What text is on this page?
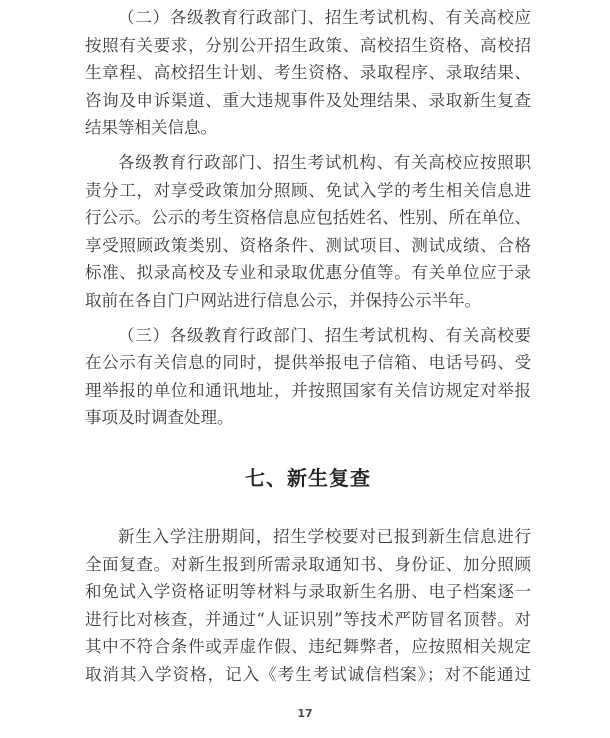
（二）各级教育行政部门、招生考试机构、有关高校应
按照有关要求，分别公开招生政策、高校招生资格、高校招
生章程、高校招生计划、考生资格、录取程序、录取结果、
咨询及申诉渠道、重大违规事件及处理结果、录取新生复查
结果等相关信息。
各级教育行政部门、招生考试机构、有关高校应按照职
责分工，对享受政策加分照顾、免试入学的考生相关信息进
行公示。公示的考生资格信息应包括姓名、性别、所在单位、
享受照顾政策类别、资格条件、测试项目、测试成绩、合格
标准、拟录高校及专业和录取优惠分值等。有关单位应于录
取前在各自门户网站进行信息公示，并保持公示半年。
（三）各级教育行政部门、招生考试机构、有关高校要
在公示有关信息的同时，提供举报电子信箱、电话号码、受
理举报的单位和通讯地址，并按照国家有关信访规定对举报
事项及时调查处理。
七、新生复查
新生入学注册期间，招生学校要对已报到新生信息进行
全面复查。对新生报到所需录取通知书、身份证、加分照顾
和免试入学资格证明等材料与录取新生名册、电子档案逐一
进行比对核查，并通过“人证识别”等技术严防冒名顶替。对
其中不符合条件或弄虚作假、违纪舞弊者，应按照相关规定
取消其入学资格，记入《考生考试诚信档案》；对不能通过
17
